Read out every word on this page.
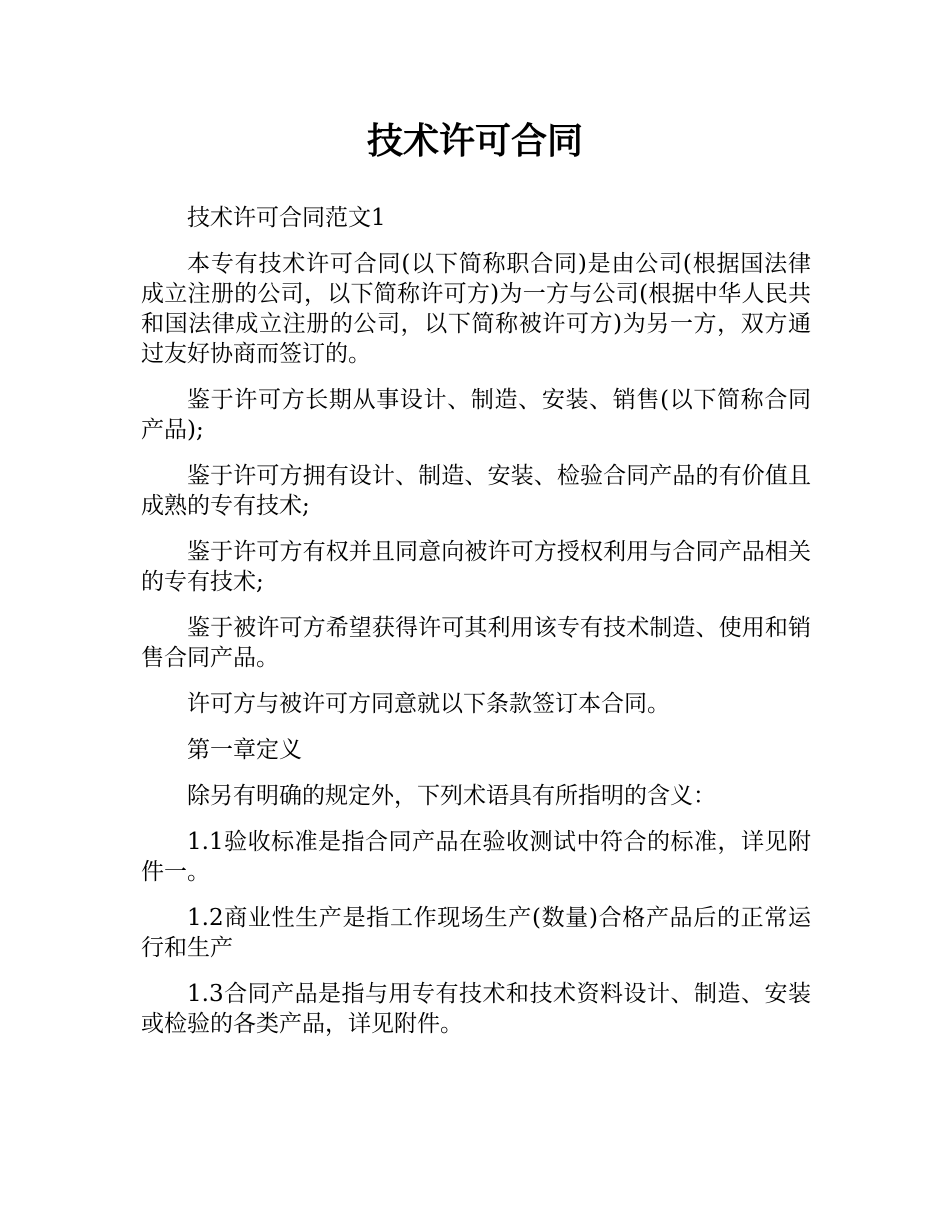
技术许可合同

技术许可合同范文1

本专有技术许可合同(以下简称职合同)是由公司(根据国法律成立注册的公司，以下简称许可方)为一方与公司(根据中华人民共和国法律成立注册的公司，以下简称被许可方)为另一方，双方通过友好协商而签订的。

鉴于许可方长期从事设计、制造、安装、销售(以下简称合同产品);

鉴于许可方拥有设计、制造、安装、检验合同产品的有价值且成熟的专有技术;

鉴于许可方有权并且同意向被许可方授权利用与合同产品相关的专有技术;

鉴于被许可方希望获得许可其利用该专有技术制造、使用和销售合同产品。

许可方与被许可方同意就以下条款签订本合同。

第一章定义

除另有明确的规定外，下列术语具有所指明的含义：

1.1验收标准是指合同产品在验收测试中符合的标准，详见附件一。

1.2商业性生产是指工作现场生产(数量)合格产品后的正常运行和生产

1.3合同产品是指与用专有技术和技术资料设计、制造、安装或检验的各类产品，详见附件。
